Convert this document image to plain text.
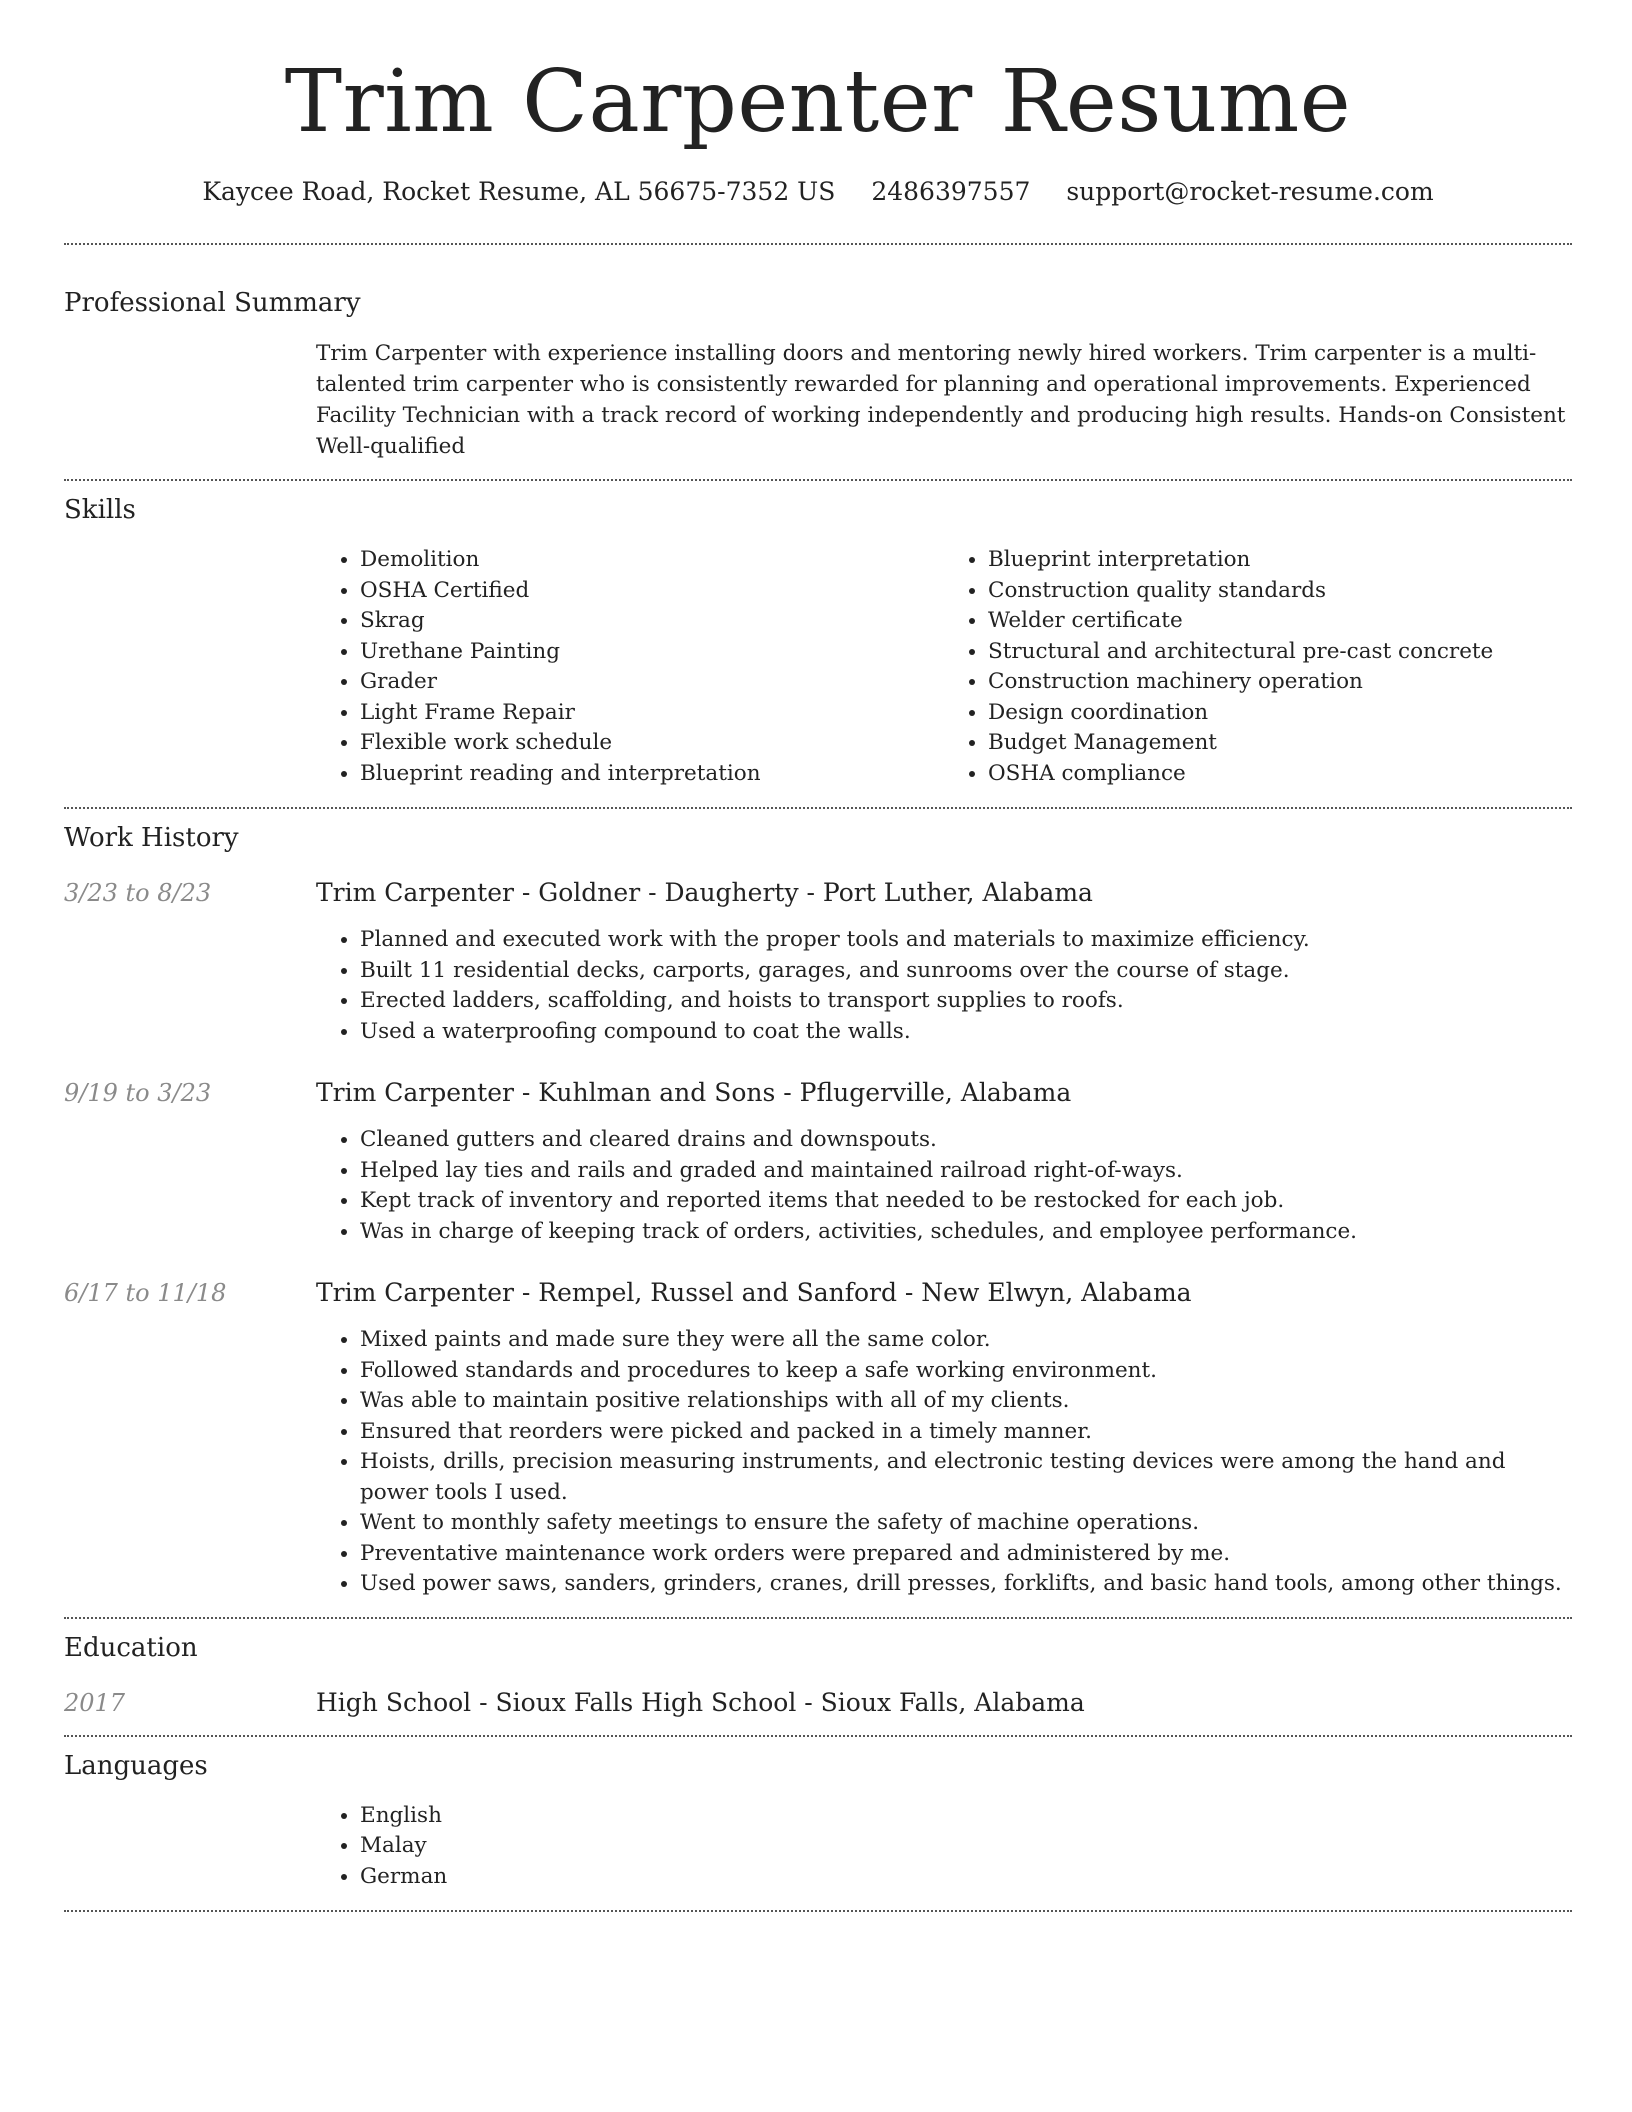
Trim Carpenter Resume
Kaycee Road, Rocket Resume, AL 56675-7352 US 2486397557 support@rocket-resume.com
Professional Summary

Trim Carpenter with experience installing doors and mentoring newly hired workers. Trim carpenter is a multi-talented trim carpenter who is consistently rewarded for planning and operational improvements. Experienced Facility Technician with a track record of working independently and producing high results. Hands-on Consistent Well-qualified

Skills
• Demolition
• OSHA Certified
• Skrag
• Urethane Painting
• Grader
• Light Frame Repair
• Flexible work schedule
• Blueprint reading and interpretation
• Blueprint interpretation
• Construction quality standards
• Welder certificate
• Structural and architectural pre-cast concrete
• Construction machinery operation
• Design coordination
• Budget Management
• OSHA compliance
Work History
3/23 to 8/23	Trim Carpenter - Goldner - Daugherty - Port Luther, Alabama
• Planned and executed work with the proper tools and materials to maximize efficiency.
• Built 11 residential decks, carports, garages, and sunrooms over the course of stage.
• Erected ladders, scaffolding, and hoists to transport supplies to roofs.
• Used a waterproofing compound to coat the walls.
9/19 to 3/23	Trim Carpenter - Kuhlman and Sons - Pflugerville, Alabama
• Cleaned gutters and cleared drains and downspouts.
• Helped lay ties and rails and graded and maintained railroad right-of-ways.
• Kept track of inventory and reported items that needed to be restocked for each job.
• Was in charge of keeping track of orders, activities, schedules, and employee performance.
6/17 to 11/18	Trim Carpenter - Rempel, Russel and Sanford - New Elwyn, Alabama
• Mixed paints and made sure they were all the same color.
• Followed standards and procedures to keep a safe working environment.
• Was able to maintain positive relationships with all of my clients.
• Ensured that reorders were picked and packed in a timely manner.
• Hoists, drills, precision measuring instruments, and electronic testing devices were among the hand and power tools I used.
• Went to monthly safety meetings to ensure the safety of machine operations.
• Preventative maintenance work orders were prepared and administered by me.
• Used power saws, sanders, grinders, cranes, drill presses, forklifts, and basic hand tools, among other things.
Education
2017	High School - Sioux Falls High School - Sioux Falls, Alabama
Languages
• English
• Malay
• German
